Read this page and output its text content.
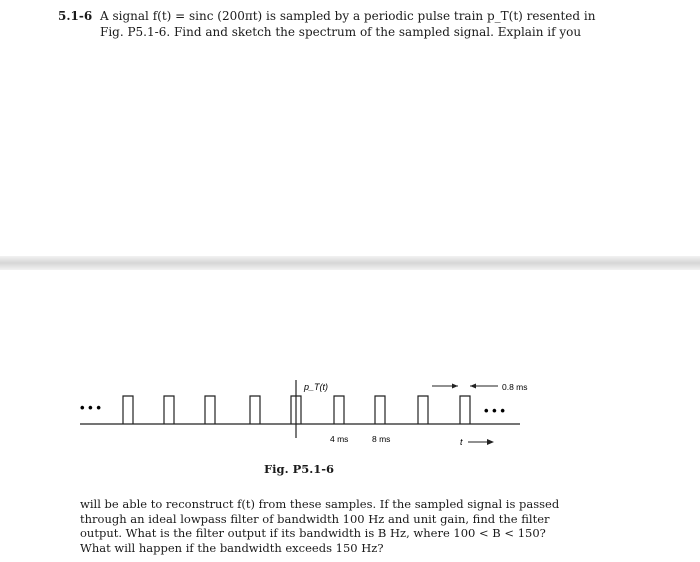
5.1-6 A signal f(t) = sinc (200πt) is sampled by a periodic pulse train p_T(t) resented in
Fig. P5.1-6. Find and sketch the spectrum of the sampled signal. Explain if you
• • •	• • •
p_T(t)
4 ms	8 ms
0.8 ms
t
Fig. P5.1-6
will be able to reconstruct f(t) from these samples. If the sampled signal is passed
through an ideal lowpass filter of bandwidth 100 Hz and unit gain, find the filter
output. What is the filter output if its bandwidth is B Hz, where 100 < B < 150?
What will happen if the bandwidth exceeds 150 Hz?
